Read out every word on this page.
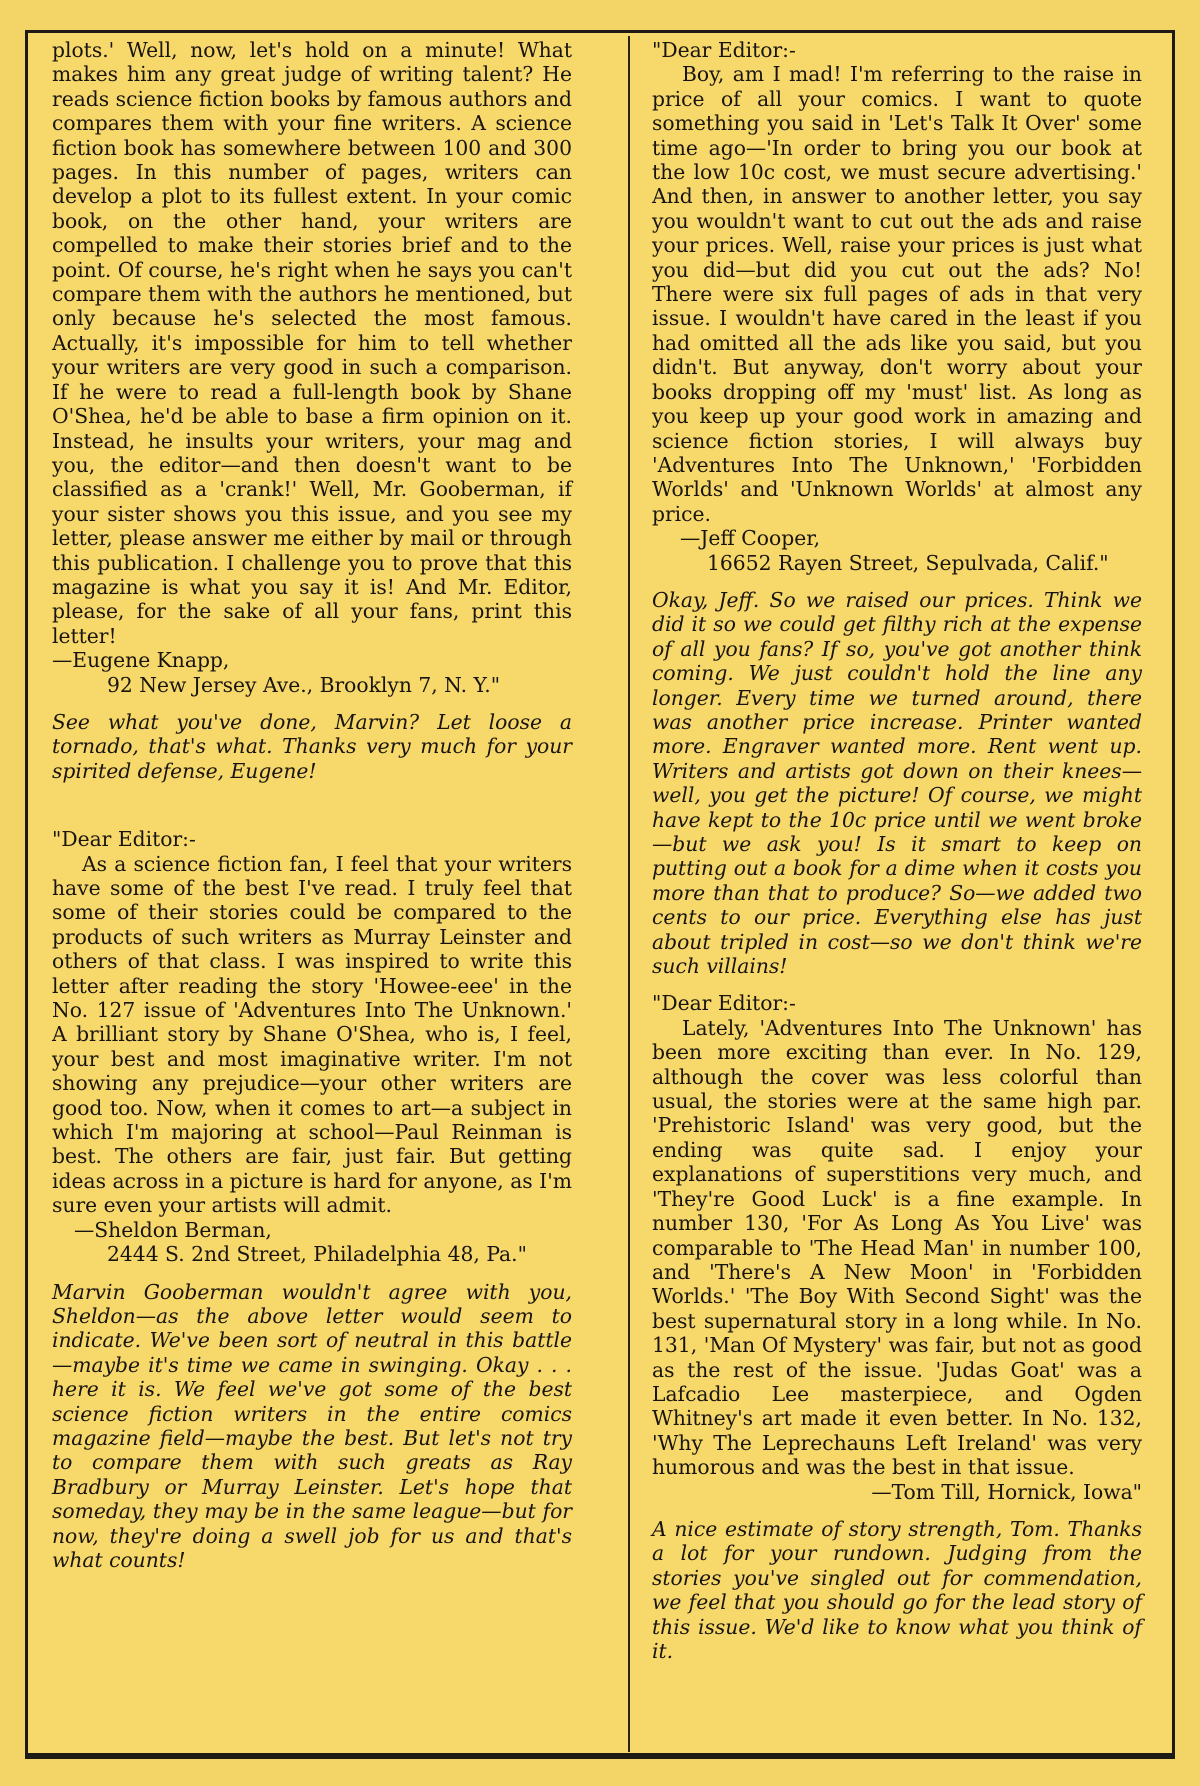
plots.' Well, now, let's hold on a minute! What makes him any great judge of writing talent? He reads science fiction books by famous authors and compares them with your fine writers. A science fiction book has somewhere between 100 and 300 pages. In this number of pages, writers can develop a plot to its fullest extent. In your comic book, on the other hand, your writers are compelled to make their stories brief and to the point. Of course, he's right when he says you can't compare them with the authors he mentioned, but only because he's selected the most famous. Actually, it's impossible for him to tell whether your writers are very good in such a comparison. If he were to read a full-length book by Shane O'Shea, he'd be able to base a firm opinion on it. Instead, he insults your writers, your mag and you, the editor—and then doesn't want to be classified as a 'crank!' Well, Mr. Gooberman, if your sister shows you this issue, and you see my letter, please answer me either by mail or through this publication. I challenge you to prove that this magazine is what you say it is! And Mr. Editor, please, for the sake of all your fans, print this letter!

—Eugene Knapp,

92 New Jersey Ave., Brooklyn 7, N. Y."

See what you've done, Marvin? Let loose a tornado, that's what. Thanks very much for your spirited defense, Eugene!

"Dear Editor:-

As a science fiction fan, I feel that your writers have some of the best I've read. I truly feel that some of their stories could be compared to the products of such writers as Murray Leinster and others of that class. I was inspired to write this letter after reading the story 'Howee-eee' in the No. 127 issue of 'Adventures Into The Unknown.' A brilliant story by Shane O'Shea, who is, I feel, your best and most imaginative writer. I'm not showing any prejudice—your other writers are good too. Now, when it comes to art—a subject in which I'm majoring at school—Paul Reinman is best. The others are fair, just fair. But getting ideas across in a picture is hard for anyone, as I'm sure even your artists will admit.

—Sheldon Berman,

2444 S. 2nd Street, Philadelphia 48, Pa."

Marvin Gooberman wouldn't agree with you, Sheldon—as the above letter would seem to indicate. We've been sort of neutral in this battle—maybe it's time we came in swinging. Okay . . . here it is. We feel we've got some of the best science fiction writers in the entire comics magazine field—maybe the best. But let's not try to compare them with such greats as Ray Bradbury or Murray Leinster. Let's hope that someday, they may be in the same league—but for now, they're doing a swell job for us and that's what counts!

"Dear Editor:-

Boy, am I mad! I'm referring to the raise in price of all your comics. I want to quote something you said in 'Let's Talk It Over' some time ago—'In order to bring you our book at the low 10c cost, we must secure advertising.' And then, in answer to another letter, you say you wouldn't want to cut out the ads and raise your prices. Well, raise your prices is just what you did—but did you cut out the ads? No! There were six full pages of ads in that very issue. I wouldn't have cared in the least if you had omitted all the ads like you said, but you didn't. But anyway, don't worry about your books dropping off my 'must' list. As long as you keep up your good work in amazing and science fiction stories, I will always buy 'Adventures Into The Unknown,' 'Forbidden Worlds' and 'Unknown Worlds' at almost any price.

—Jeff Cooper,

16652 Rayen Street, Sepulvada, Calif."

Okay, Jeff. So we raised our prices. Think we did it so we could get filthy rich at the expense of all you fans? If so, you've got another think coming. We just couldn't hold the line any longer. Every time we turned around, there was another price increase. Printer wanted more. Engraver wanted more. Rent went up. Writers and artists got down on their knees—well, you get the picture! Of course, we might have kept to the 10c price until we went broke—but we ask you! Is it smart to keep on putting out a book for a dime when it costs you more than that to produce? So—we added two cents to our price. Everything else has just about tripled in cost—so we don't think we're such villains!

"Dear Editor:-

Lately, 'Adventures Into The Unknown' has been more exciting than ever. In No. 129, although the cover was less colorful than usual, the stories were at the same high par. 'Prehistoric Island' was very good, but the ending was quite sad. I enjoy your explanations of superstitions very much, and 'They're Good Luck' is a fine example. In number 130, 'For As Long As You Live' was comparable to 'The Head Man' in number 100, and 'There's A New Moon' in 'Forbidden Worlds.' 'The Boy With Second Sight' was the best supernatural story in a long while. In No. 131, 'Man Of Mystery' was fair, but not as good as the rest of the issue. 'Judas Goat' was a Lafcadio Lee masterpiece, and Ogden Whitney's art made it even better. In No. 132, 'Why The Leprechauns Left Ireland' was very humorous and was the best in that issue.

—Tom Till, Hornick, Iowa"

A nice estimate of story strength, Tom. Thanks a lot for your rundown. Judging from the stories you've singled out for commendation, we feel that you should go for the lead story of this issue. We'd like to know what you think of it.
